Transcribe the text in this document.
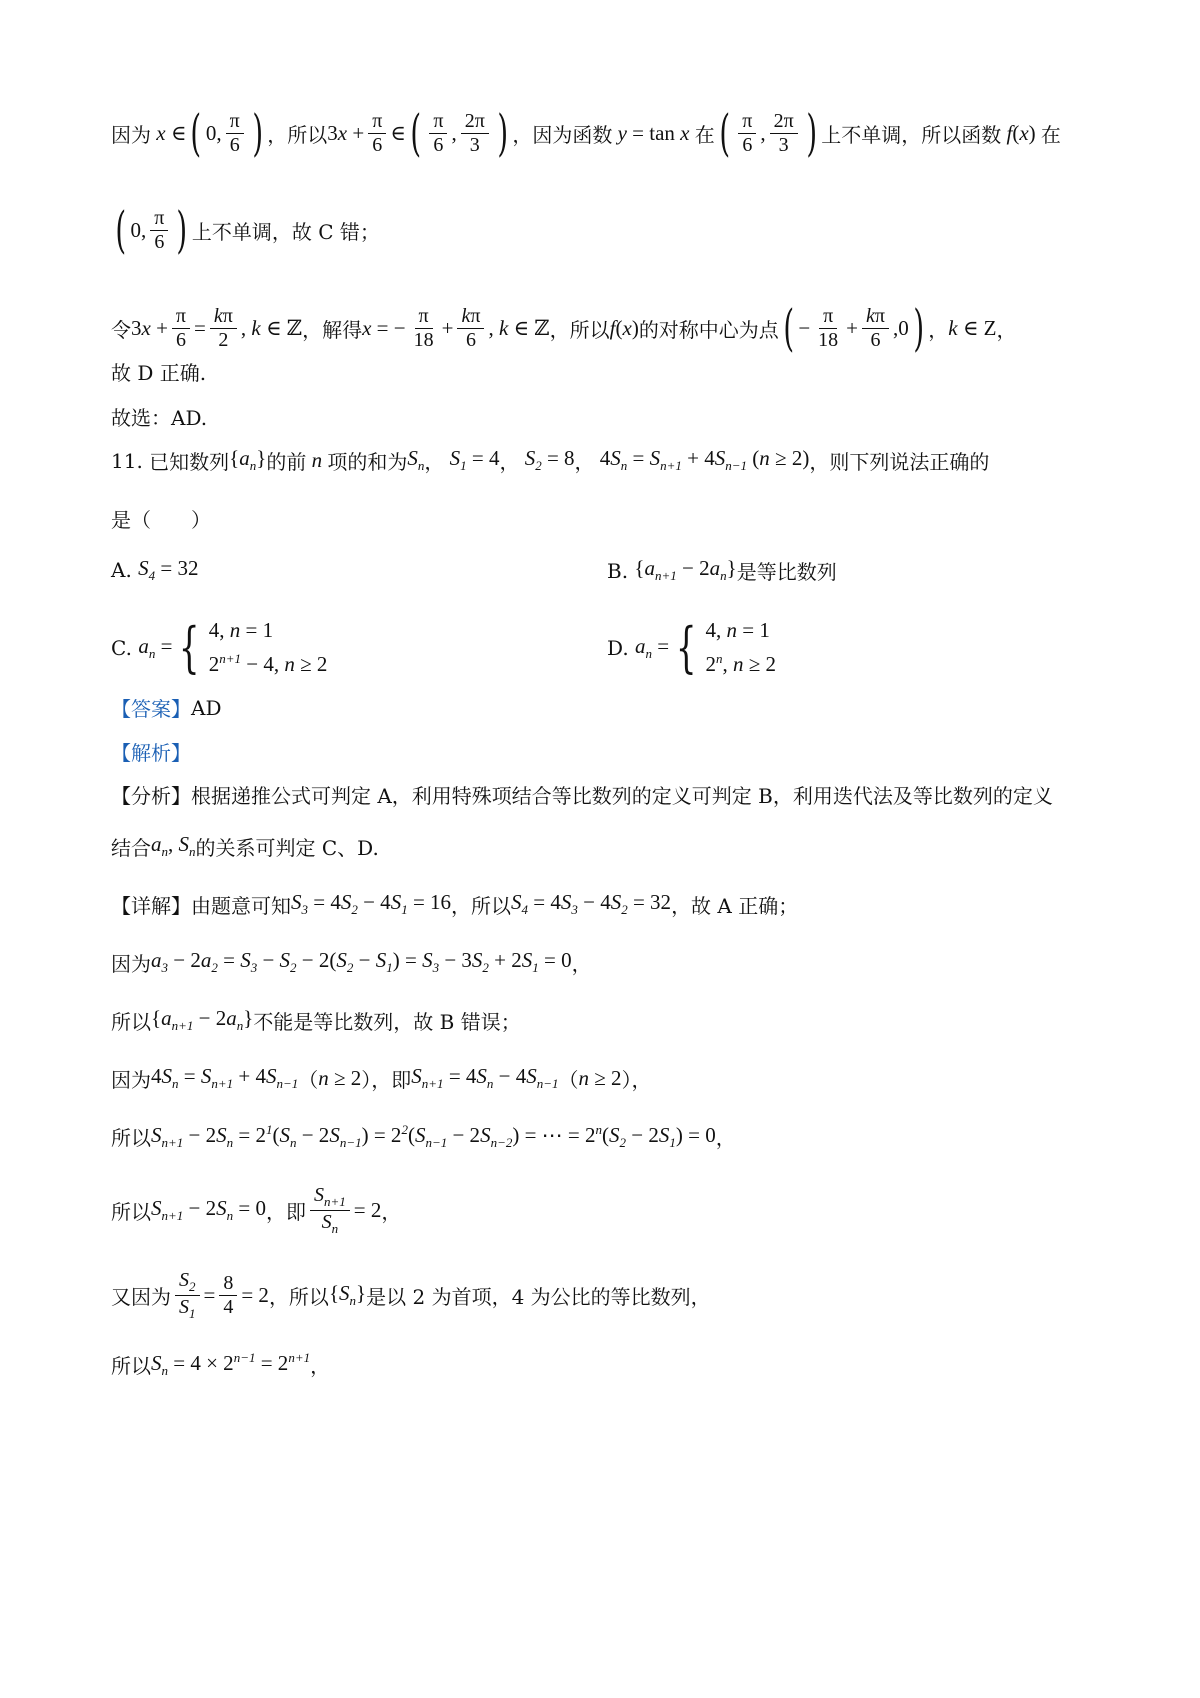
因为 x ∈ ( 0, $\frac{\pi}{6}$ ) ，所以 $3x + \frac{\pi}{6}$ ∈ ( $\frac{\pi}{6}$ , $\frac{2\pi}{3}$ ) ，因为函数 y = tan x 在 ( $\frac{\pi}{6}$ , $\frac{2\pi}{3}$ ) 上不单调，所以函数 f(x) 在
( 0, $\frac{\pi}{6}$ ) 上不单调，故 C 错；
令 $3x + \frac{\pi}{6} = \frac{k\pi}{2}$ , k ∈ ℤ ，解得 x = − $\frac{\pi}{18} + \frac{k\pi}{6}$ , k ∈ ℤ ，所以 f(x) 的对称中心为点 ( − $\frac{\pi}{18} + \frac{k\pi}{6} ,0$ ) ， k ∈ Z ，
故 D 正确.
故选：AD.
11.
已知数列 $\{a_n\}$ 的前 n 项的和为 $S_n$ ， $S_1 = 4$ ， $S_2 = 8$ ， $4S_n = S_{n+1} + 4S_{n-1}$ (n ≥ 2) ，则下列说法正确的
是（　　）
A.
$S_4 = 32$	B.
$\{a_{n+1} - 2a_n\}$ 是等比数列
C.
$a_n$ = { 4, n = 1
$2^{n+1} - 4$, n ≥ 2
D.
$a_n$ = { 4, n = 1
2$^n$, n ≥ 2
【答案】 AD
【解析】
【分析】 根据递推公式可判定 A，利用特殊项结合等比数列的定义可判定 B，利用迭代法及等比数列的定义
结合 $a_n$, $S_n$ 的关系可判定 C、D.
【详解】 由题意可知 $S_3 = 4S_2 - 4S_1 = 16$ ，所以 $S_4 = 4S_3 - 4S_2 = 32$ ，故 A 正确；
因为 $a_3 - 2a_2 = S_3 - S_2 - 2(S_2 - S_1) = S_3 - 3S_2 + 2S_1 = 0$ ，
所以 $\{a_{n+1} - 2a_n\}$ 不能是等比数列，故 B 错误；
因为 $4S_n = S_{n+1} + 4S_{n-1}$ （ n ≥ 2 ），即 $S_{n+1} = 4S_n - 4S_{n-1}$ （ n ≥ 2 ），
所以 $S_{n+1} - 2S_n = 2^1(S_n - 2S_{n-1}) = 2^2(S_{n-1} - 2S_{n-2})$ = ⋯ = $2^n(S_2 - 2S_1) = 0$ ，
所以 $S_{n+1} - 2S_n = 0$ ，即 $\frac{S_{n+1}}{S_n} = 2$ ，
又因为 $\frac{S_2}{S_1} = \frac{8}{4} = 2$ ，所以 $\{S_n\}$ 是以 2 为首项，4 为公比的等比数列，
所以 $S_n = 4 \times 2^{n-1} = 2^{n+1}$ ，
